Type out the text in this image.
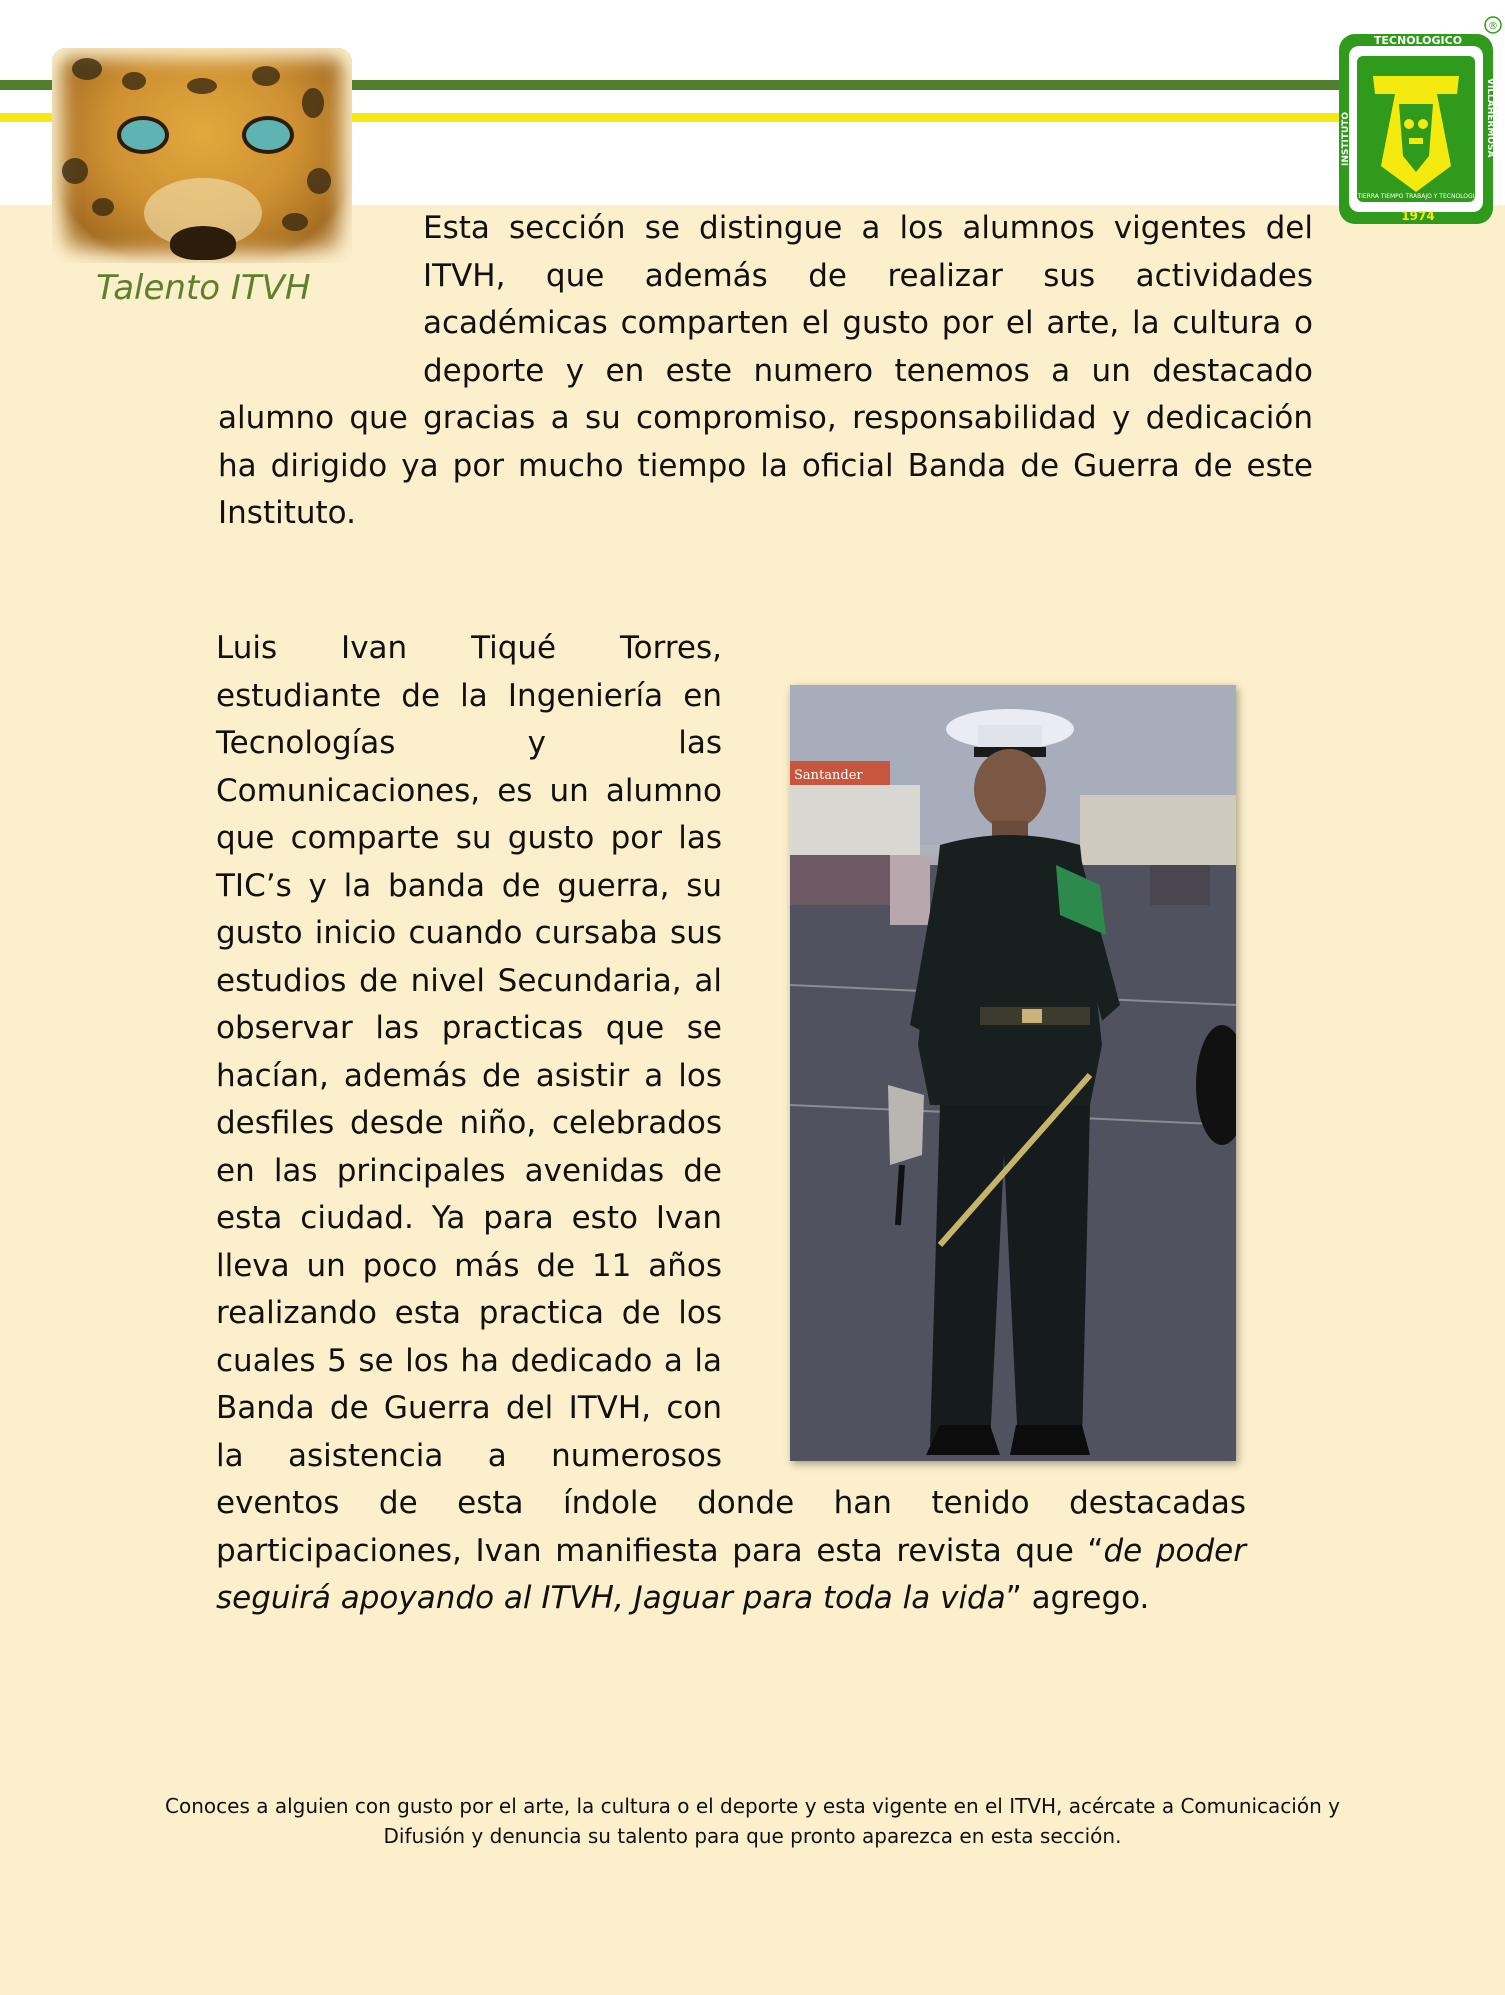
Talento ITVH
TECNOLOGICO
INSTITUTO	VILLAHERMOSA
TIERRA TIEMPO TRABAJO Y TECNOLOGIA
1974
®

Esta sección se distingue a los alumnos vigentes del ITVH, que además de realizar sus actividades académicas comparten el gusto por el arte, la cultura o deporte y en este numero tenemos a un destacado alumno que gracias a su compromiso, responsabilidad y dedicación ha dirigido ya por mucho tiempo la oficial Banda de Guerra de este Instituto.

Luis Ivan Tiqué Torres, estudiante de la Ingeniería en Tecnologías y las Comunicaciones, es un alumno que comparte su gusto por las TIC’s y la banda de guerra, su gusto inicio cuando cursaba sus estudios de nivel Secundaria, al observar las practicas que se hacían, además de asistir a los desfiles desde niño, celebrados en las principales avenidas de esta ciudad. Ya para esto Ivan lleva un poco más de 11 años realizando esta practica de los cuales 5 se los ha dedicado a la Banda de Guerra del ITVH, con la asistencia a numerosos eventos de esta índole donde han tenido destacadas participaciones, Ivan manifiesta para esta revista que “de poder seguirá apoyando al ITVH, Jaguar para toda la vida” agrego.

Santander

Conoces a alguien con gusto por el arte, la cultura o el deporte y esta vigente en el ITVH, acércate a Comunicación y Difusión y denuncia su talento para que pronto aparezca en esta sección.
